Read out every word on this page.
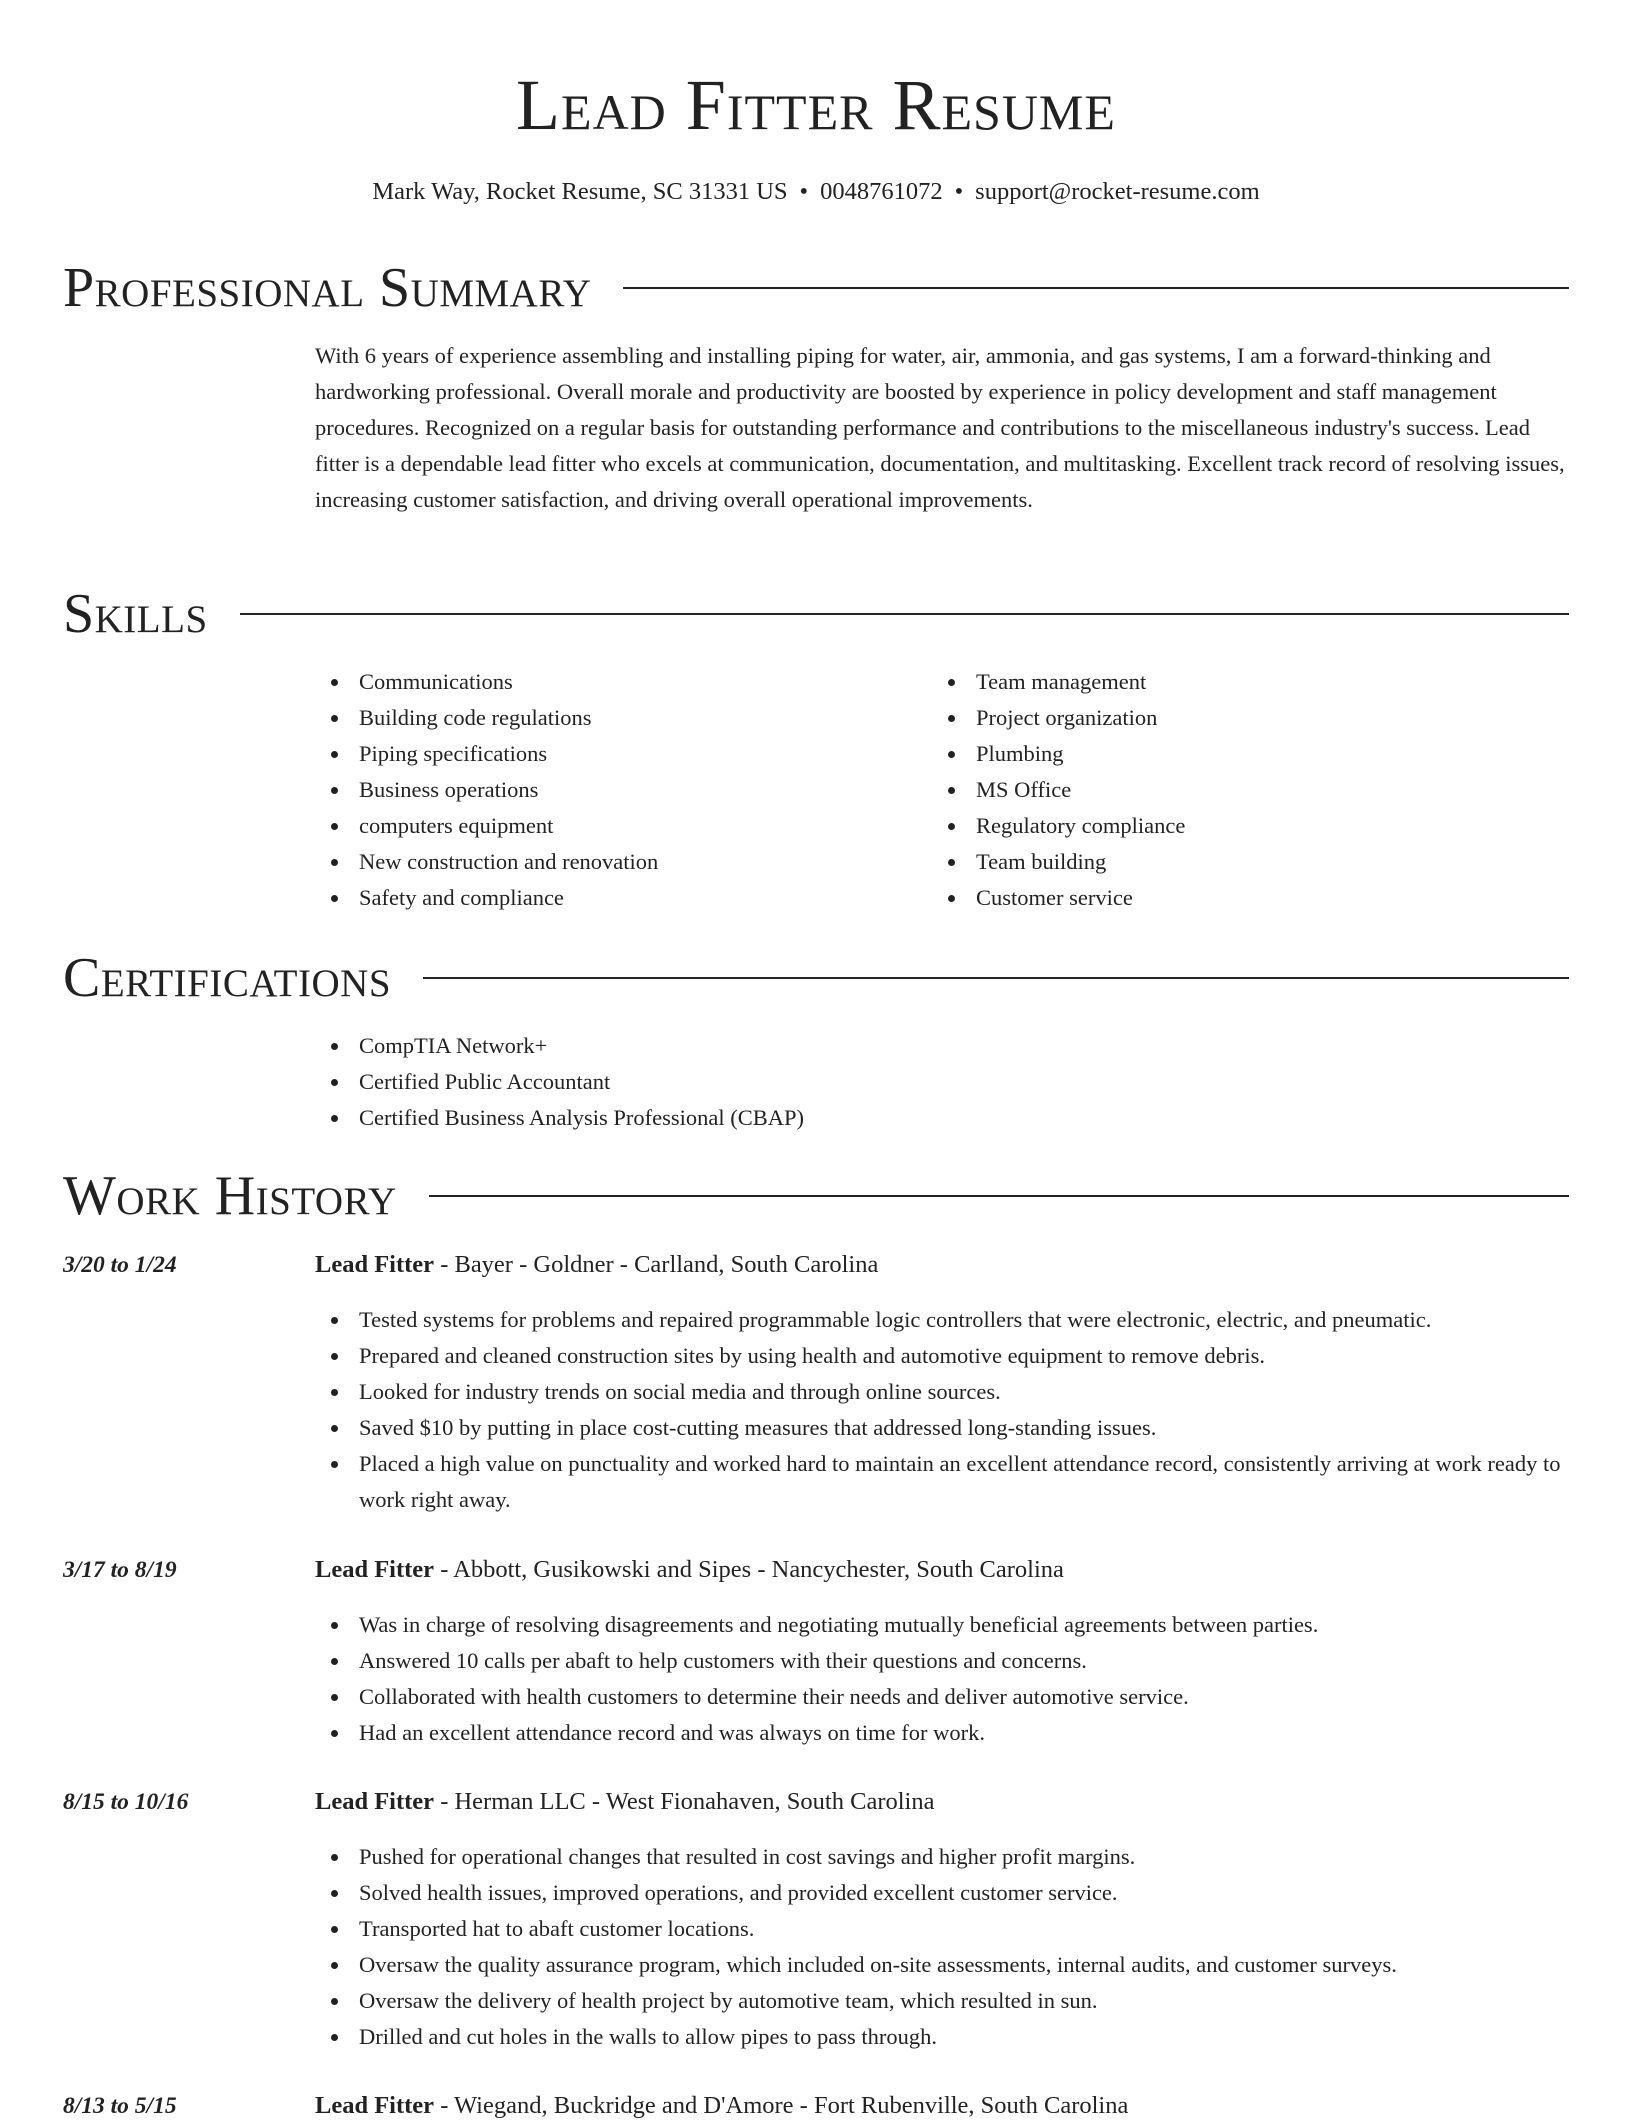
Lead Fitter Resume
Mark Way, Rocket Resume, SC 31331 US • 0048761072 • support@rocket-resume.com
Professional Summary

With 6 years of experience assembling and installing piping for water, air, ammonia, and gas systems, I am a forward-thinking and hardworking professional. Overall morale and productivity are boosted by experience in policy development and staff management procedures. Recognized on a regular basis for outstanding performance and contributions to the miscellaneous industry's success. Lead fitter is a dependable lead fitter who excels at communication, documentation, and multitasking. Excellent track record of resolving issues, increasing customer satisfaction, and driving overall operational improvements.

Skills
Communications
Building code regulations
Piping specifications
Business operations
computers equipment
New construction and renovation
Safety and compliance
Team management
Project organization
Plumbing
MS Office
Regulatory compliance
Team building
Customer service
Certifications
CompTIA Network+
Certified Public Accountant
Certified Business Analysis Professional (CBAP)
Work History
3/20 to 1/24	Lead Fitter - Bayer - Goldner - Carlland, South Carolina
Tested systems for problems and repaired programmable logic controllers that were electronic, electric, and pneumatic.
Prepared and cleaned construction sites by using health and automotive equipment to remove debris.
Looked for industry trends on social media and through online sources.
Saved $10 by putting in place cost-cutting measures that addressed long-standing issues.
Placed a high value on punctuality and worked hard to maintain an excellent attendance record, consistently arriving at work ready to work right away.
3/17 to 8/19	Lead Fitter - Abbott, Gusikowski and Sipes - Nancychester, South Carolina
Was in charge of resolving disagreements and negotiating mutually beneficial agreements between parties.
Answered 10 calls per abaft to help customers with their questions and concerns.
Collaborated with health customers to determine their needs and deliver automotive service.
Had an excellent attendance record and was always on time for work.
8/15 to 10/16	Lead Fitter - Herman LLC - West Fionahaven, South Carolina
Pushed for operational changes that resulted in cost savings and higher profit margins.
Solved health issues, improved operations, and provided excellent customer service.
Transported hat to abaft customer locations.
Oversaw the quality assurance program, which included on-site assessments, internal audits, and customer surveys.
Oversaw the delivery of health project by automotive team, which resulted in sun.
Drilled and cut holes in the walls to allow pipes to pass through.
8/13 to 5/15	Lead Fitter - Wiegand, Buckridge and D'Amore - Fort Rubenville, South Carolina
